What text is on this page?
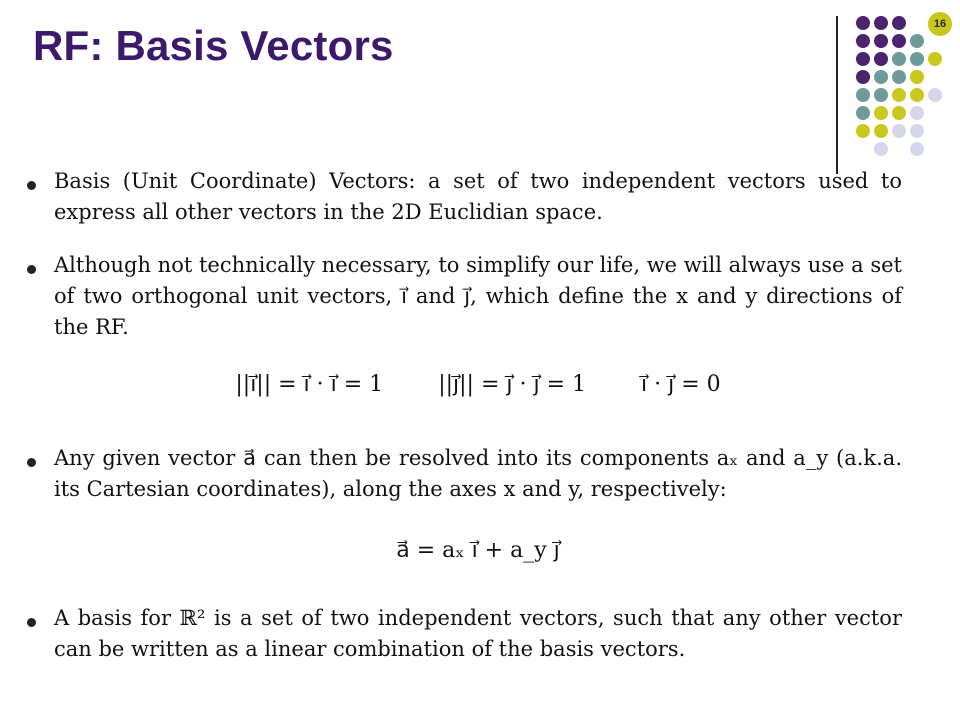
RF: Basis Vectors	16

Basis (Unit Coordinate) Vectors: a set of two independent vectors used to express all other vectors in the 2D Euclidian space.

Although not technically necessary, to simplify our life, we will always use a set of two orthogonal unit vectors, i⃗ and j⃗, which define the x and y directions of the RF.

||i⃗|| = i⃗ · i⃗ = 1	||j⃗|| = j⃗ · j⃗ = 1	i⃗ · j⃗ = 0

Any given vector a⃗ can then be resolved into its components aₓ and a_y (a.k.a. its Cartesian coordinates), along the axes x and y, respectively:

a⃗ = aₓ i⃗ + a_y j⃗

A basis for ℝ² is a set of two independent vectors, such that any other vector can be written as a linear combination of the basis vectors.
